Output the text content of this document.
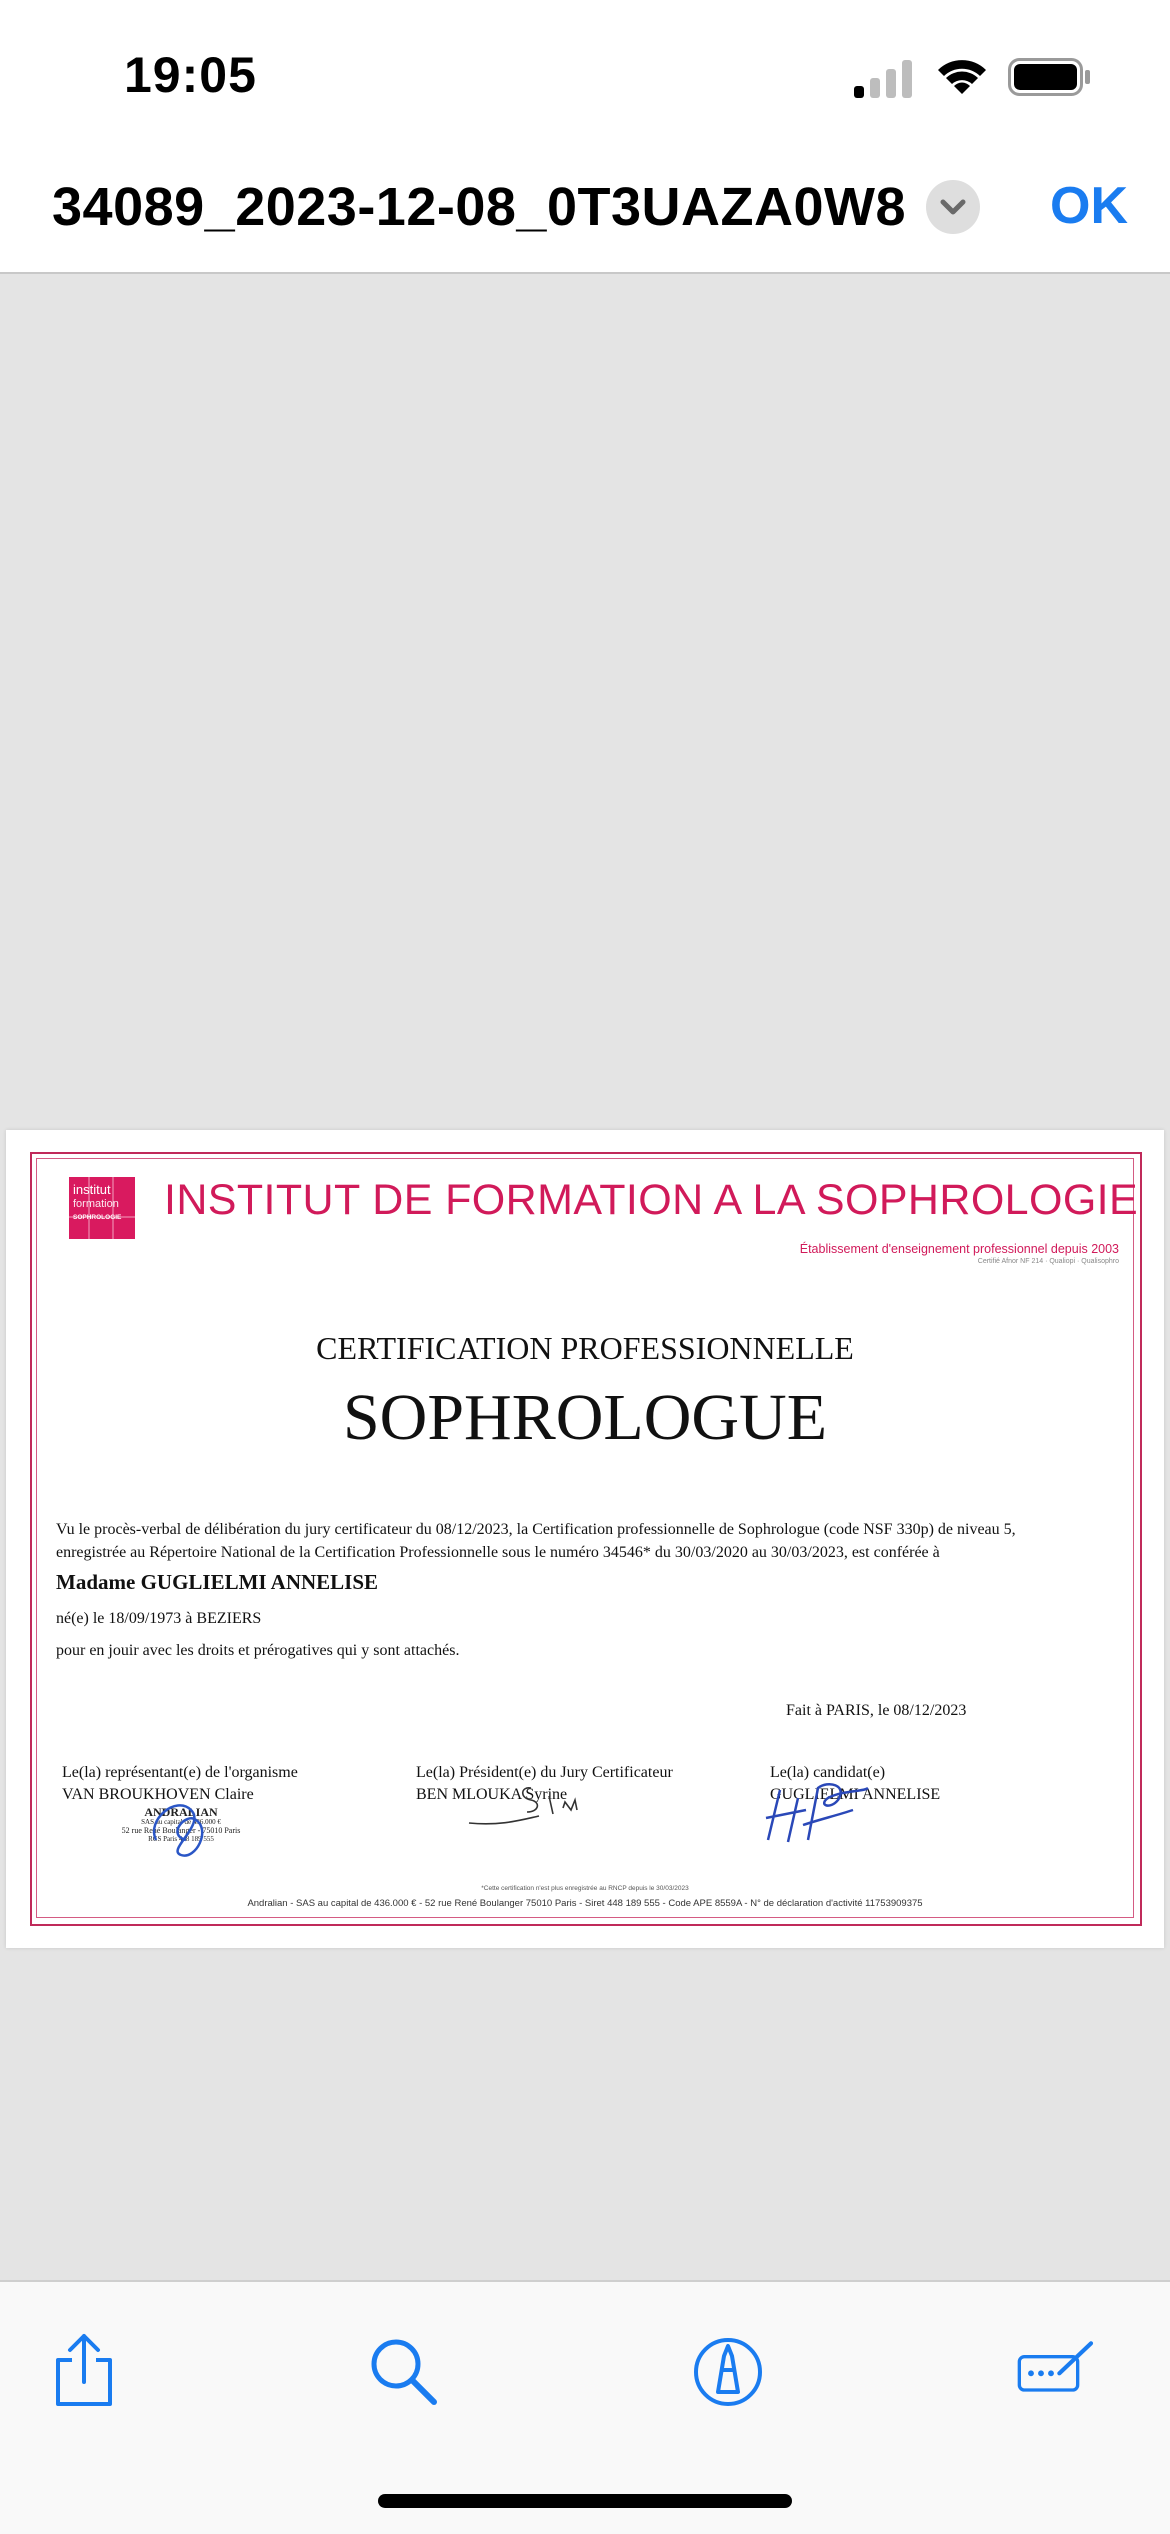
19:05
34089_2023-12-08_0T3UAZA0W8	OK
institut
formation
SOPHROLOGIE INSTITUT DE FORMATION A LA SOPHROLOGIE
Établissement d'enseignement professionnel depuis 2003
Certifié Afnor NF 214 · Qualiopi · Qualisophro
CERTIFICATION PROFESSIONNELLE
SOPHROLOGUE
Vu le procès-verbal de délibération du jury certificateur du 08/12/2023, la Certification professionnelle de Sophrologue (code NSF 330p) de niveau 5,
enregistrée au Répertoire National de la Certification Professionnelle sous le numéro 34546* du 30/03/2020 au 30/03/2023, est conférée à
Madame GUGLIELMI ANNELISE
né(e) le 18/09/1973 à BEZIERS
pour en jouir avec les droits et prérogatives qui y sont attachés.
Fait à PARIS, le 08/12/2023
Le(la) représentant(e) de l'organisme
VAN BROUKHOVEN Claire
Le(la) Président(e) du Jury Certificateur
BEN MLOUKA Syrine
Le(la) candidat(e)
GUGLIELMI ANNELISE
ANDRALIAN
SAS au capital de 436.000 €
52 rue René Boulanger - 75010 Paris
RCS Paris 448 189 555
*Cette certification n'est plus enregistrée au RNCP depuis le 30/03/2023
Andralian - SAS au capital de 436.000 € - 52 rue René Boulanger 75010 Paris - Siret 448 189 555 - Code APE 8559A - N° de déclaration d'activité 11753909375
